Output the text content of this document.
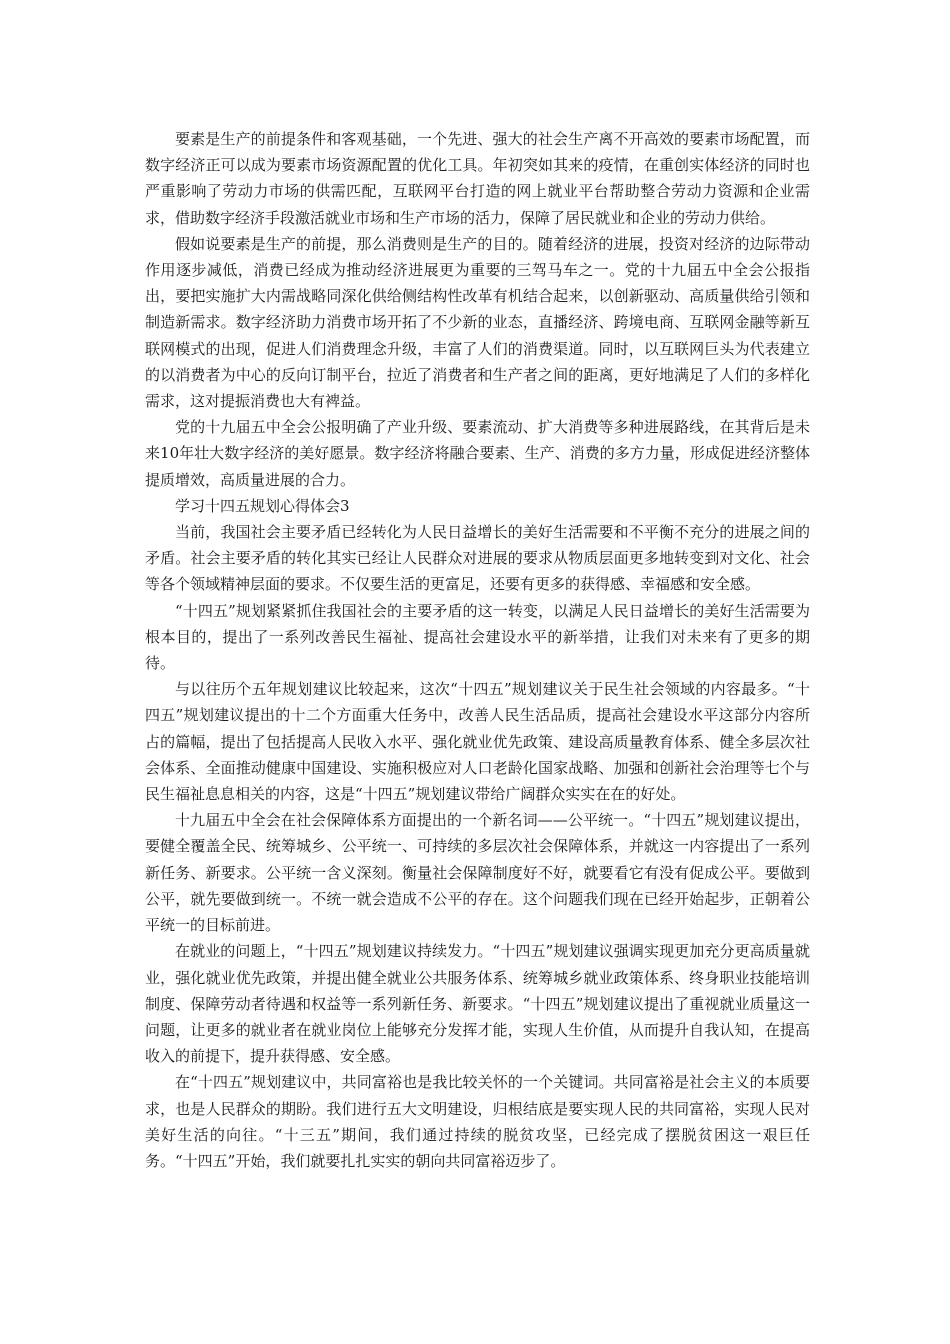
要素是生产的前提条件和客观基础，一个先进、强大的社会生产离不开高效的要素市场配置，而数字经济正可以成为要素市场资源配置的优化工具。年初突如其来的疫情，在重创实体经济的同时也严重影响了劳动力市场的供需匹配，互联网平台打造的网上就业平台帮助整合劳动力资源和企业需求，借助数字经济手段激活就业市场和生产市场的活力，保障了居民就业和企业的劳动力供给。

假如说要素是生产的前提，那么消费则是生产的目的。随着经济的进展，投资对经济的边际带动作用逐步减低，消费已经成为推动经济进展更为重要的三驾马车之一。党的十九届五中全会公报指出，要把实施扩大内需战略同深化供给侧结构性改革有机结合起来，以创新驱动、高质量供给引领和制造新需求。数字经济助力消费市场开拓了不少新的业态，直播经济、跨境电商、互联网金融等新互联网模式的出现，促进人们消费理念升级，丰富了人们的消费渠道。同时，以互联网巨头为代表建立的以消费者为中心的反向订制平台，拉近了消费者和生产者之间的距离，更好地满足了人们的多样化需求，这对提振消费也大有裨益。

党的十九届五中全会公报明确了产业升级、要素流动、扩大消费等多种进展路线，在其背后是未来10年壮大数字经济的美好愿景。数字经济将融合要素、生产、消费的多方力量，形成促进经济整体提质增效，高质量进展的合力。

学习十四五规划心得体会3

当前，我国社会主要矛盾已经转化为人民日益增长的美好生活需要和不平衡不充分的进展之间的矛盾。社会主要矛盾的转化其实已经让人民群众对进展的要求从物质层面更多地转变到对文化、社会等各个领域精神层面的要求。不仅要生活的更富足，还要有更多的获得感、幸福感和安全感。

“十四五”规划紧紧抓住我国社会的主要矛盾的这一转变，以满足人民日益增长的美好生活需要为根本目的，提出了一系列改善民生福祉、提高社会建设水平的新举措，让我们对未来有了更多的期待。

与以往历个五年规划建议比较起来，这次“十四五”规划建议关于民生社会领域的内容最多。“十四五”规划建议提出的十二个方面重大任务中，改善人民生活品质，提高社会建设水平这部分内容所占的篇幅，提出了包括提高人民收入水平、强化就业优先政策、建设高质量教育体系、健全多层次社会体系、全面推动健康中国建设、实施积极应对人口老龄化国家战略、加强和创新社会治理等七个与民生福祉息息相关的内容，这是“十四五”规划建议带给广阔群众实实在在的好处。

十九届五中全会在社会保障体系方面提出的一个新名词——公平统一。“十四五”规划建议提出，要健全覆盖全民、统筹城乡、公平统一、可持续的多层次社会保障体系，并就这一内容提出了一系列新任务、新要求。公平统一含义深刻。衡量社会保障制度好不好，就要看它有没有促成公平。要做到公平，就先要做到统一。不统一就会造成不公平的存在。这个问题我们现在已经开始起步，正朝着公平统一的目标前进。

在就业的问题上，“十四五”规划建议持续发力。“十四五”规划建议强调实现更加充分更高质量就业，强化就业优先政策，并提出健全就业公共服务体系、统筹城乡就业政策体系、终身职业技能培训制度、保障劳动者待遇和权益等一系列新任务、新要求。“十四五”规划建议提出了重视就业质量这一问题，让更多的就业者在就业岗位上能够充分发挥才能，实现人生价值，从而提升自我认知，在提高收入的前提下，提升获得感、安全感。

在“十四五”规划建议中，共同富裕也是我比较关怀的一个关键词。共同富裕是社会主义的本质要求，也是人民群众的期盼。我们进行五大文明建设，归根结底是要实现人民的共同富裕，实现人民对美好生活的向往。“十三五”期间，我们通过持续的脱贫攻坚，已经完成了摆脱贫困这一艰巨任务。“十四五”开始，我们就要扎扎实实的朝向共同富裕迈步了。
